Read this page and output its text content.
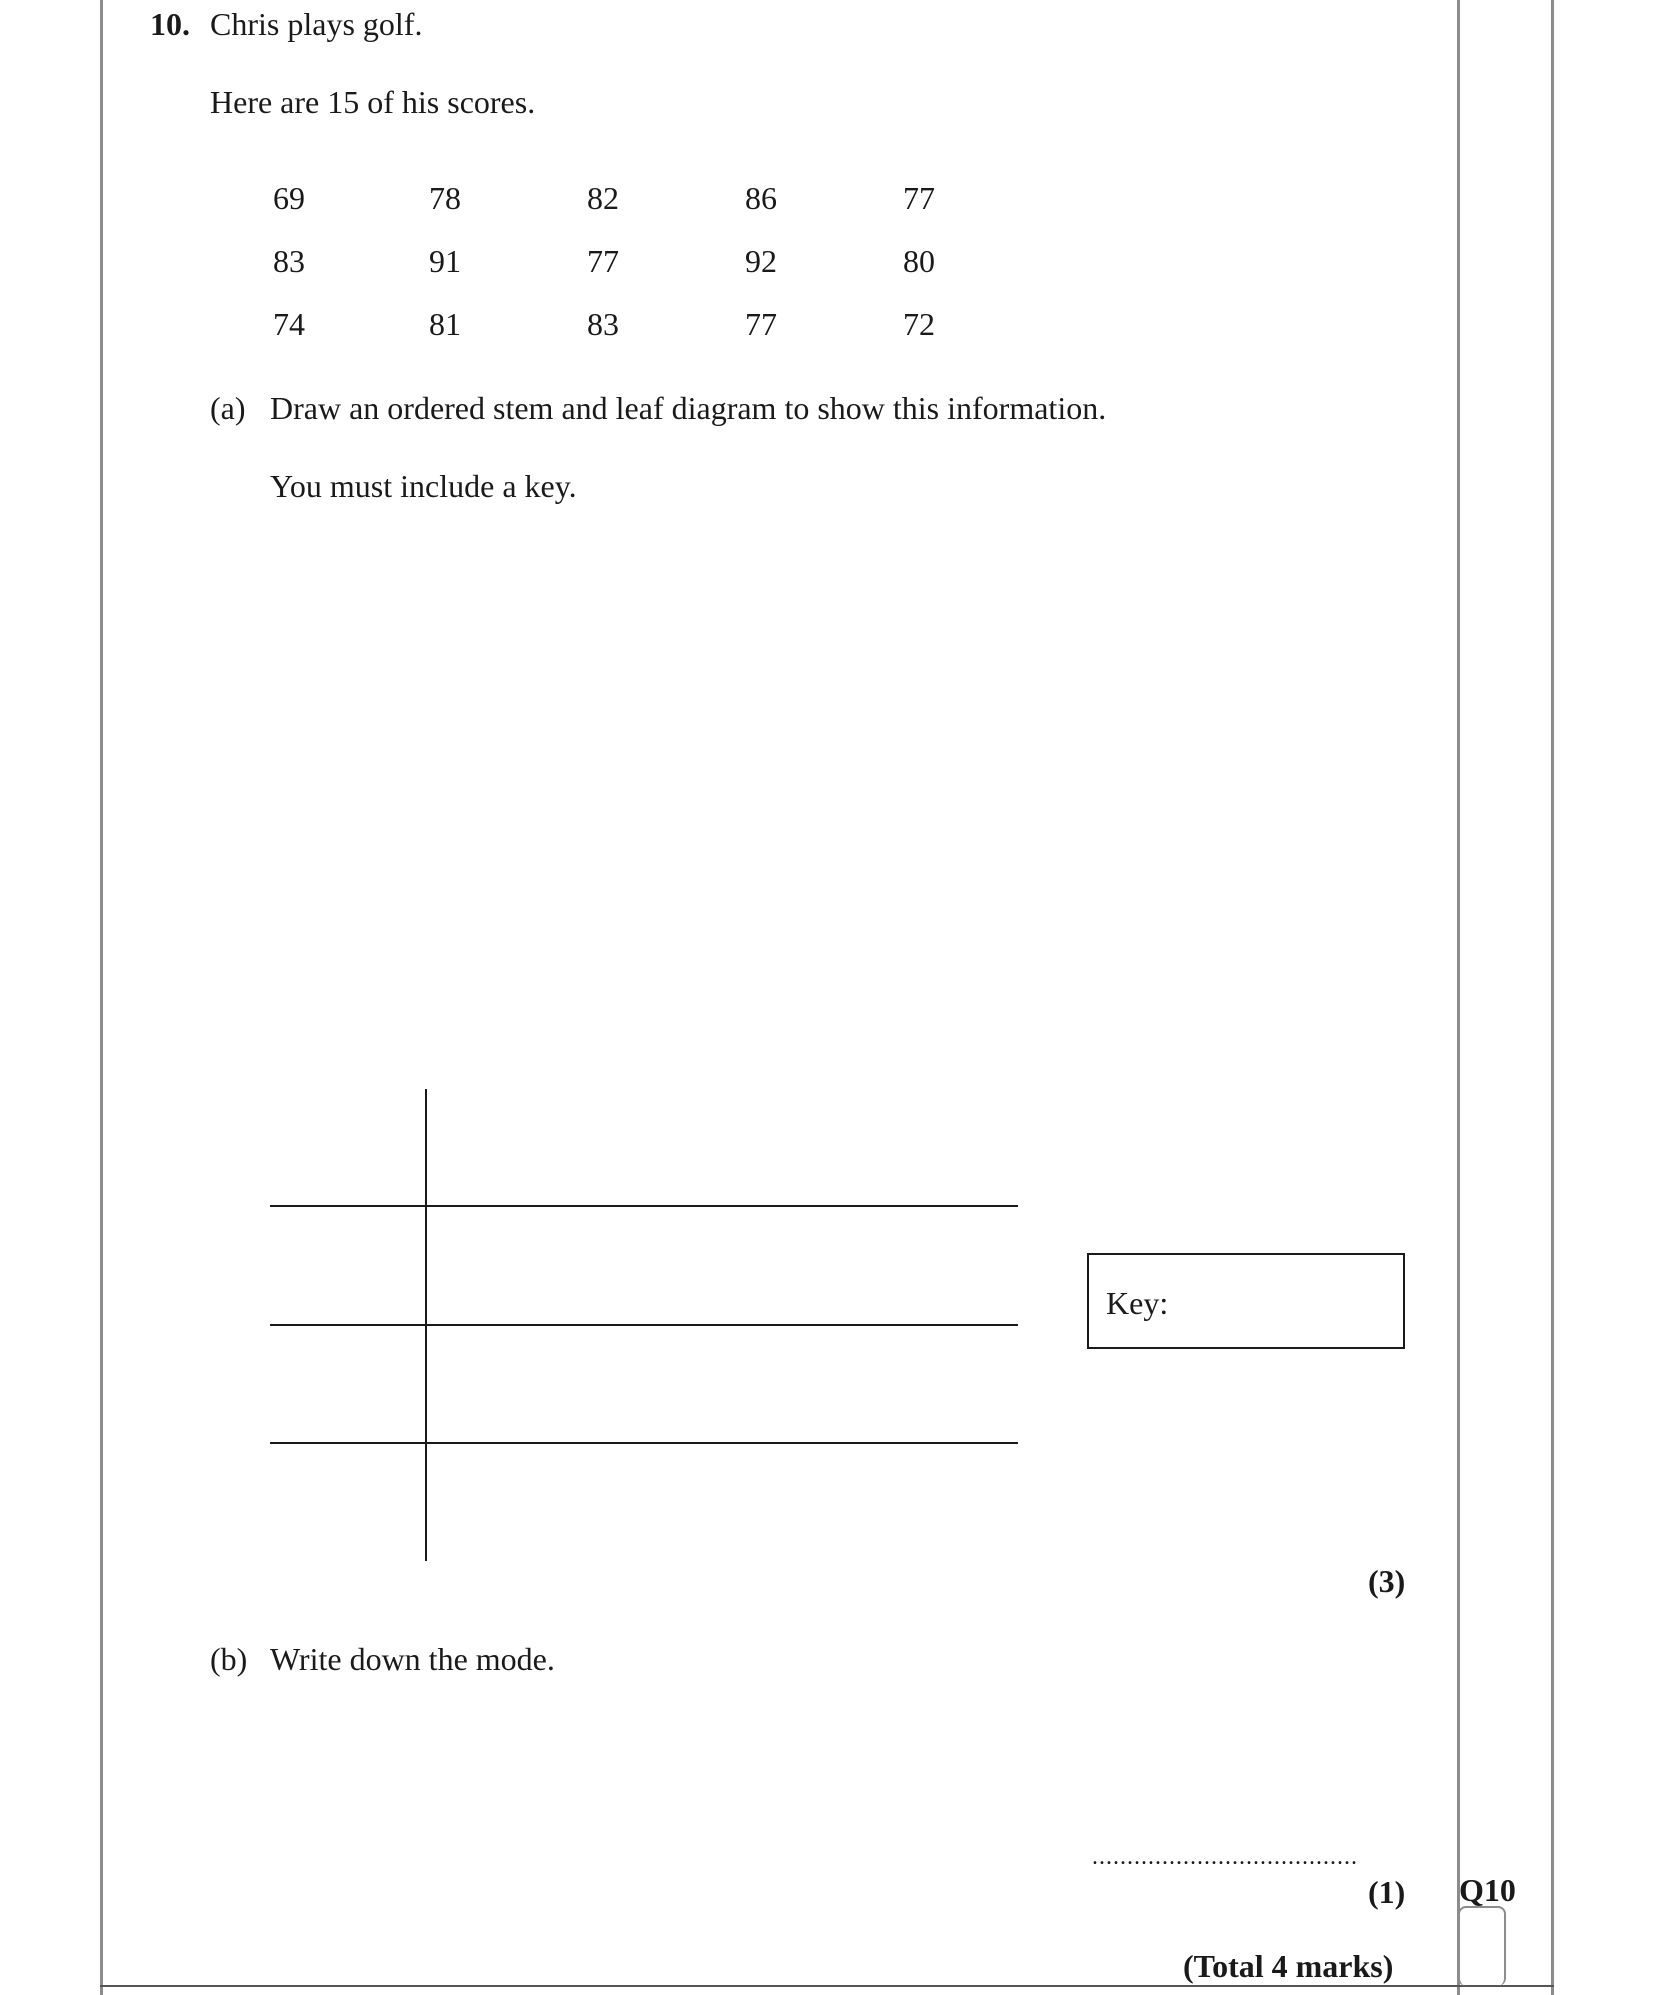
10. Chris plays golf.
Here are 15 of his scores.
69	78	82	86	77
83	91	77	92	80
74	81	83	77	72
(a) Draw an ordered stem and leaf diagram to show this information.
You must include a key.
Key:
(3)
(b) Write down the mode.
......................................
(1)
(Total 4 marks)
Q10
